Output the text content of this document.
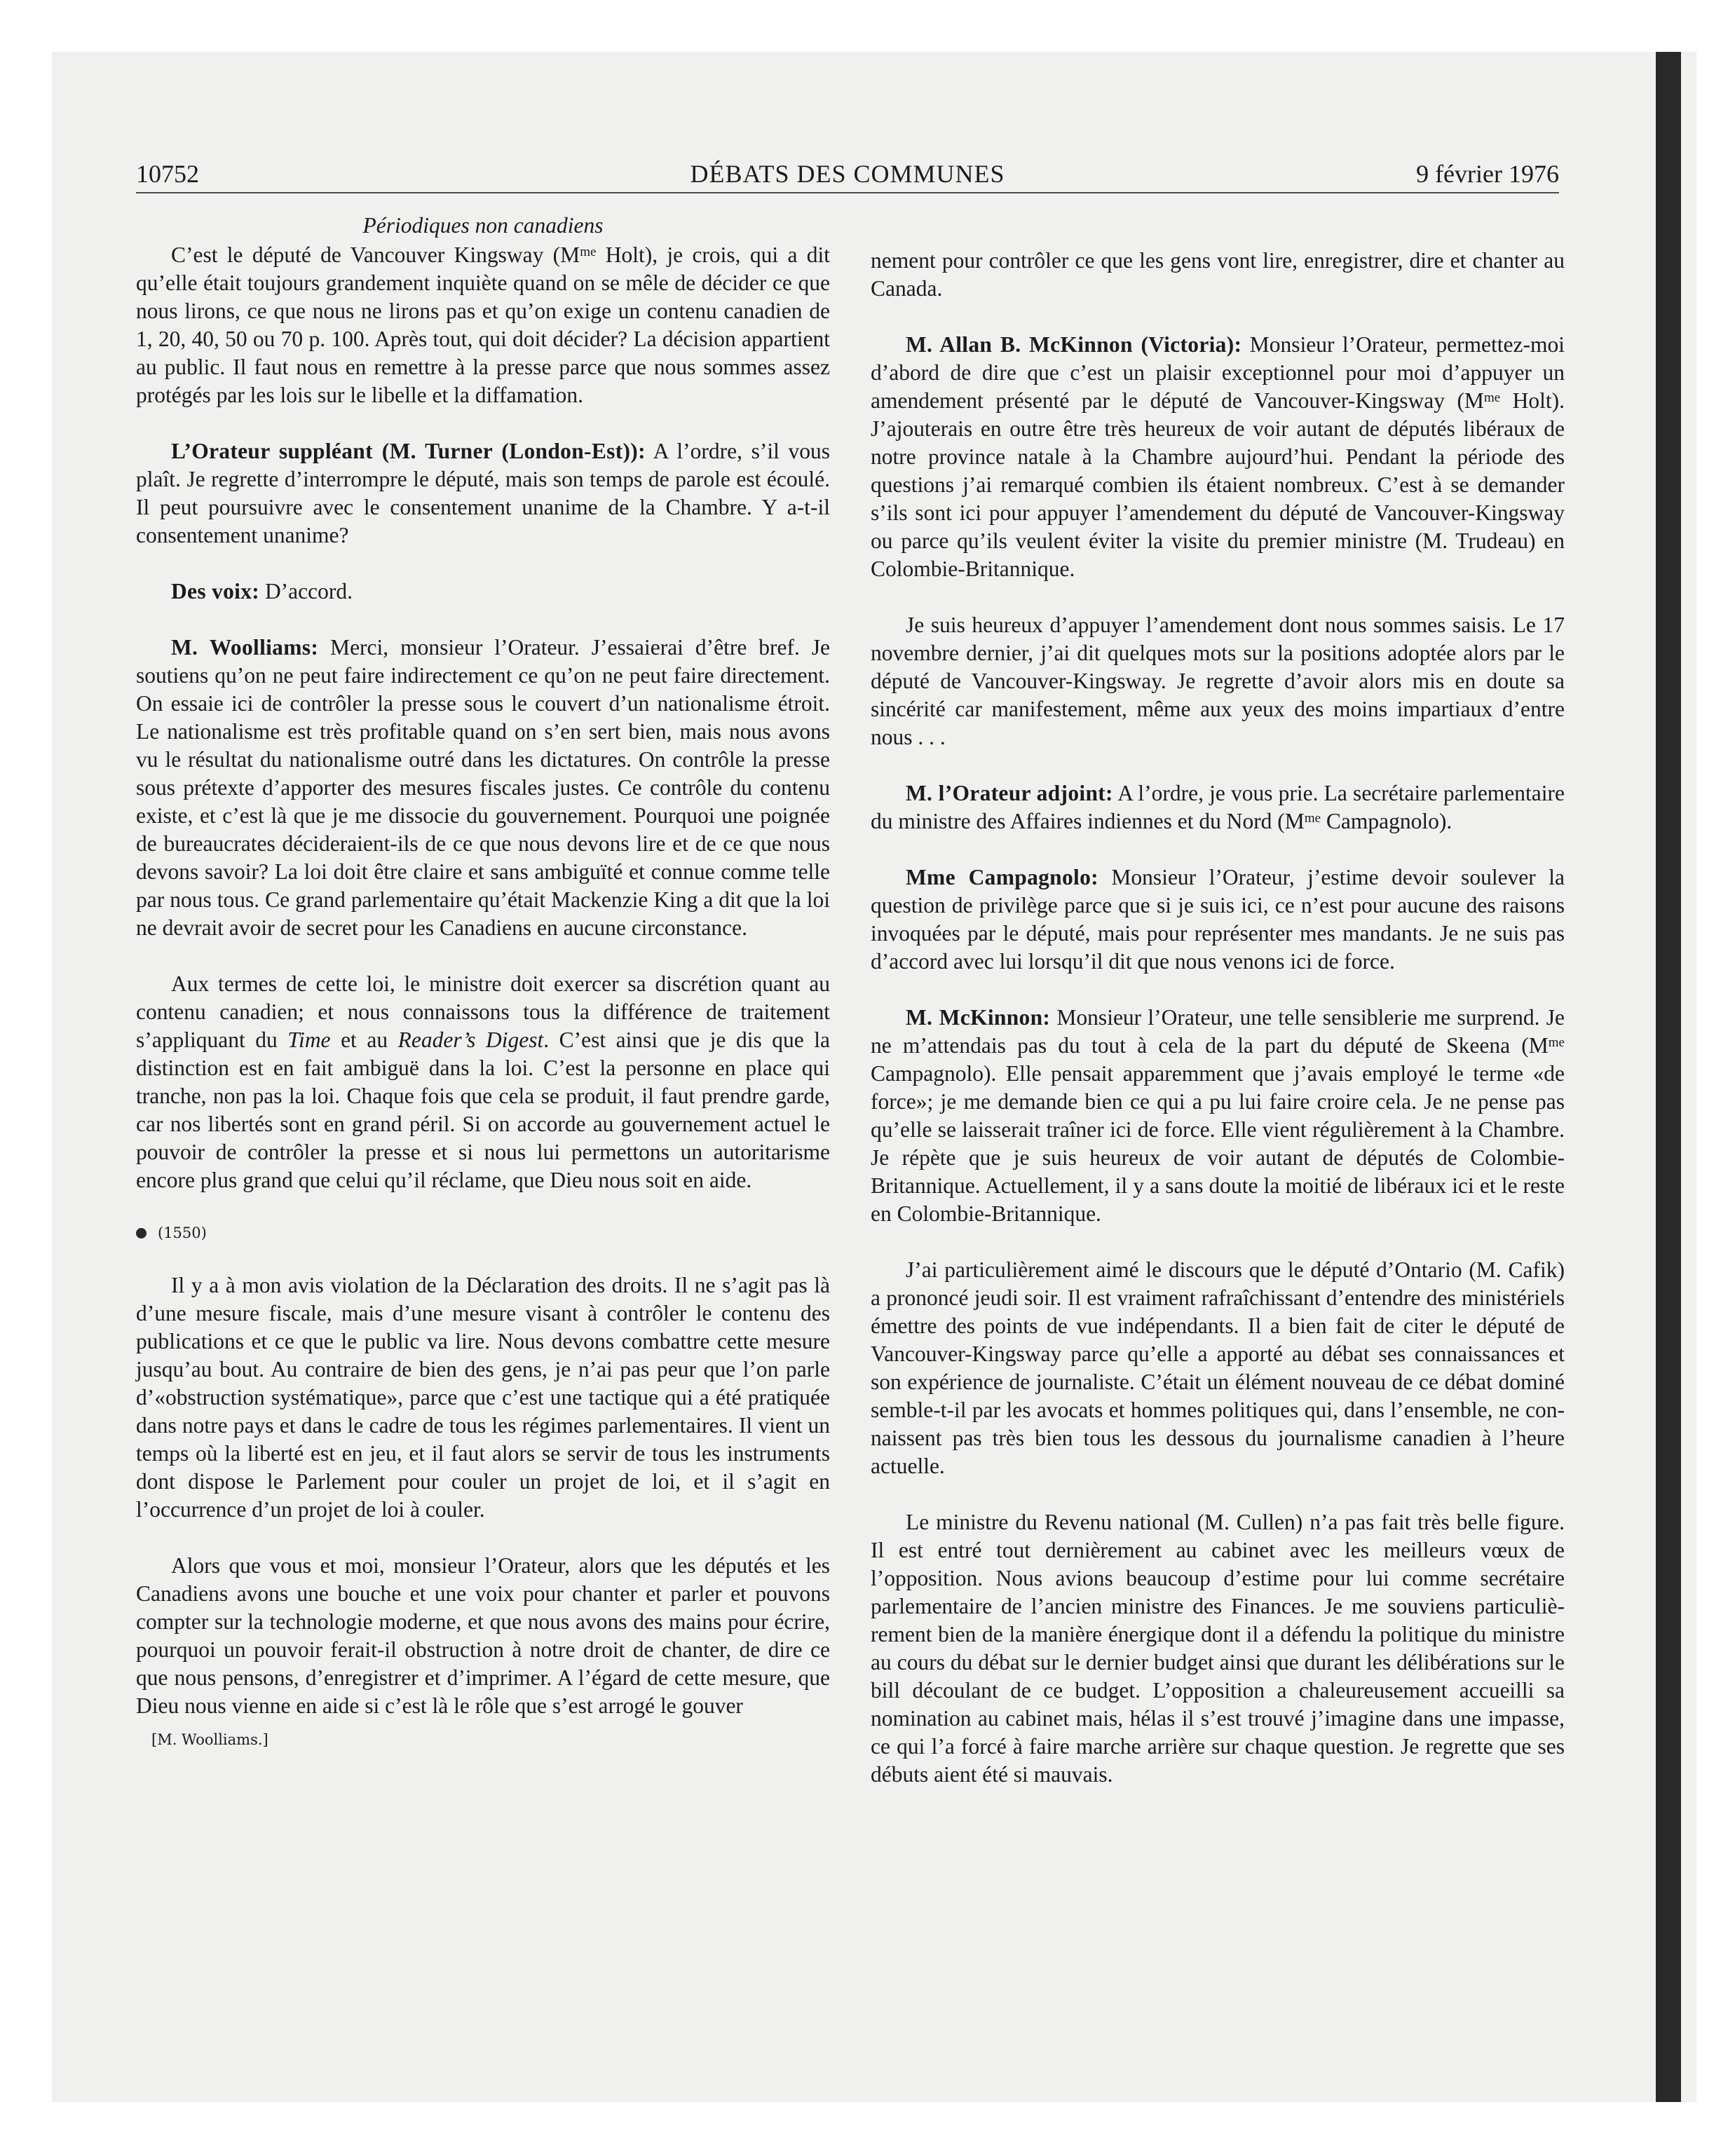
10752	DÉBATS DES COMMUNES	9 février 1976

Périodiques non canadiens

C’est le député de Vancouver Kingsway ($M^{me}$ Holt), je crois, qui a dit qu’elle était toujours grandement inquiète quand on se mêle de décider ce que nous lirons, ce que nous ne lirons pas et qu’on exige un contenu canadien de 1, 20, 40, 50 ou 70 p. 100. Après tout, qui doit décider? La décision appartient au public. Il faut nous en remettre à la presse parce que nous sommes assez protégés par les lois sur le libelle et la diffamation.

L’Orateur suppléant (M. Turner (London-Est)): A l’ordre, s’il vous plaît. Je regrette d’interrompre le député, mais son temps de parole est écoulé. Il peut poursuivre avec le consentement unanime de la Chambre. Y a-t-il consentement unanime?

Des voix: D’accord.

M. Woolliams: Merci, monsieur l’Orateur. J’essaierai d’être bref. Je soutiens qu’on ne peut faire indirectement ce qu’on ne peut faire directement. On essaie ici de contrôler la presse sous le couvert d’un nationalisme étroit. Le nationalisme est très profitable quand on s’en sert bien, mais nous avons vu le résultat du nationalisme outré dans les dictatures. On contrôle la presse sous prétexte d’apporter des mesures fiscales justes. Ce contrôle du contenu existe, et c’est là que je me dissocie du gouvernement. Pourquoi une poignée de bureaucrates décideraient-ils de ce que nous devons lire et de ce que nous devons savoir? La loi doit être claire et sans ambiguïté et connue comme telle par nous tous. Ce grand parlementaire qu’était Mackenzie King a dit que la loi ne devrait avoir de secret pour les Canadiens en aucune circonstance.

Aux termes de cette loi, le ministre doit exercer sa discrétion quant au contenu canadien; et nous connaissons tous la différence de traitement s’appliquant du Time et au Reader’s Digest. C’est ainsi que je dis que la distinction est en fait ambiguë dans la loi. C’est la personne en place qui tranche, non pas la loi. Chaque fois que cela se produit, il faut prendre garde, car nos libertés sont en grand péril. Si on accorde au gouvernement actuel le pouvoir de contrôler la presse et si nous lui permettons un autoritarisme encore plus grand que celui qu’il réclame, que Dieu nous soit en aide.

(1550)

Il y a à mon avis violation de la Déclaration des droits. Il ne s’agit pas là d’une mesure fiscale, mais d’une mesure visant à contrôler le contenu des publications et ce que le public va lire. Nous devons combattre cette mesure jusqu’au bout. Au contraire de bien des gens, je n’ai pas peur que l’on parle d’«obstruction systématique», parce que c’est une tactique qui a été pratiquée dans notre pays et dans le cadre de tous les régimes parlementaires. Il vient un temps où la liberté est en jeu, et il faut alors se servir de tous les instruments dont dispose le Parlement pour couler un projet de loi, et il s’agit en l’occurrence d’un projet de loi à couler.

Alors que vous et moi, monsieur l’Orateur, alors que les députés et les Canadiens avons une bouche et une voix pour chanter et parler et pouvons compter sur la technologie moderne, et que nous avons des mains pour écrire, pourquoi un pouvoir ferait-il obstruction à notre droit de chanter, de dire ce que nous pensons, d’enregistrer et d’imprimer. A l’égard de cette mesure, que Dieu nous vienne en aide si c’est là le rôle que s’est arrogé le gouver

[M. Woolliams.]

nement pour contrôler ce que les gens vont lire, enregistrer, dire et chanter au Canada.

M. Allan B. McKinnon (Victoria): Monsieur l’Orateur, permettez-moi d’abord de dire que c’est un plaisir exceptionnel pour moi d’appuyer un amendement présenté par le député de Vancouver-Kingsway ($M^{me}$ Holt). J’ajouterais en outre être très heureux de voir autant de députés libéraux de notre province natale à la Chambre aujourd’hui. Pendant la période des questions j’ai remarqué combien ils étaient nombreux. C’est à se demander s’ils sont ici pour appuyer l’amendement du député de Vancouver-Kingsway ou parce qu’ils veulent éviter la visite du premier ministre (M. Trudeau) en Colombie-Britannique.

Je suis heureux d’appuyer l’amendement dont nous sommes saisis. Le 17 novembre dernier, j’ai dit quelques mots sur la positions adoptée alors par le député de Vancouver-Kingsway. Je regrette d’avoir alors mis en doute sa sincérité car manifestement, même aux yeux des moins impartiaux d’entre nous . . .

M. l’Orateur adjoint: A l’ordre, je vous prie. La secrétaire parlementaire du ministre des Affaires indiennes et du Nord ($M^{me}$ Campagnolo).

Mme Campagnolo: Monsieur l’Orateur, j’estime devoir soulever la question de privilège parce que si je suis ici, ce n’est pour aucune des raisons invoquées par le député, mais pour représenter mes mandants. Je ne suis pas d’accord avec lui lorsqu’il dit que nous venons ici de force.

M. McKinnon: Monsieur l’Orateur, une telle sensiblerie me surprend. Je ne m’attendais pas du tout à cela de la part du député de Skeena ($M^{me}$ Campagnolo). Elle pensait apparemment que j’avais employé le terme «de force»; je me demande bien ce qui a pu lui faire croire cela. Je ne pense pas qu’elle se laisserait traîner ici de force. Elle vient régulièrement à la Chambre. Je répète que je suis heureux de voir autant de députés de Colombie-Britannique. Actuellement, il y a sans doute la moitié de libéraux ici et le reste en Colombie-Britannique.

J’ai particulièrement aimé le discours que le député d’Ontario (M. Cafik) a prononcé jeudi soir. Il est vraiment rafraîchissant d’entendre des ministériels émettre des points de vue indépendants. Il a bien fait de citer le député de Vancouver-Kingsway parce qu’elle a apporté au débat ses connaissances et son expérience de journaliste. C’était un élément nouveau de ce débat dominé semble-t-il par les avocats et hommes politiques qui, dans l’ensemble, ne connaissent pas très bien tous les dessous du journalisme canadien à l’heure actuelle.

Le ministre du Revenu national (M. Cullen) n’a pas fait très belle figure. Il est entré tout dernièrement au cabinet avec les meilleurs vœux de l’opposition. Nous avions beaucoup d’estime pour lui comme secrétaire parlementaire de l’ancien ministre des Finances. Je me souviens particulièrement bien de la manière énergique dont il a défendu la politique du ministre au cours du débat sur le dernier budget ainsi que durant les délibérations sur le bill découlant de ce budget. L’opposition a chaleureusement accueilli sa nomination au cabinet mais, hélas il s’est trouvé j’imagine dans une impasse, ce qui l’a forcé à faire marche arrière sur chaque question. Je regrette que ses débuts aient été si mauvais.
